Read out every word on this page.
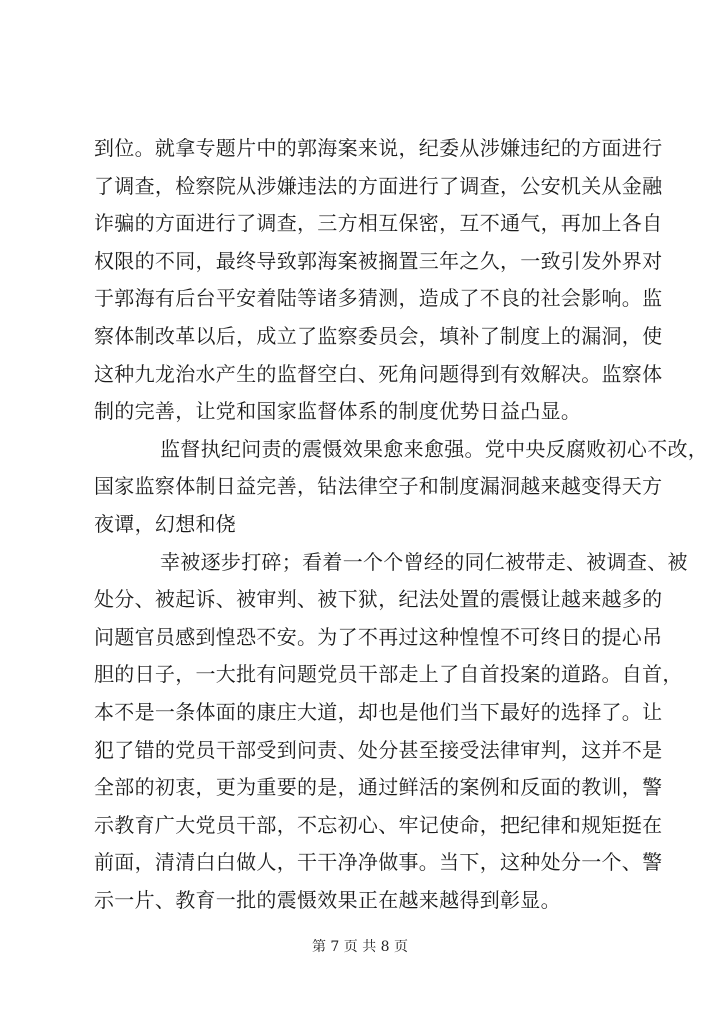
到位。就拿专题片中的郭海案来说，纪委从涉嫌违纪的方面进行
了调查，检察院从涉嫌违法的方面进行了调查，公安机关从金融
诈骗的方面进行了调查，三方相互保密，互不通气，再加上各自
权限的不同，最终导致郭海案被搁置三年之久，一致引发外界对
于郭海有后台平安着陆等诸多猜测，造成了不良的社会影响。监
察体制改革以后，成立了监察委员会，填补了制度上的漏洞，使
这种九龙治水产生的监督空白、死角问题得到有效解决。监察体
制的完善，让党和国家监督体系的制度优势日益凸显。
监督执纪问责的震慑效果愈来愈强。党中央反腐败初心不改，
国家监察体制日益完善，钻法律空子和制度漏洞越来越变得天方
夜谭，幻想和侥
幸被逐步打碎；看着一个个曾经的同仁被带走、被调查、被
处分、被起诉、被审判、被下狱，纪法处置的震慑让越来越多的
问题官员感到惶恐不安。为了不再过这种惶惶不可终日的提心吊
胆的日子，一大批有问题党员干部走上了自首投案的道路。自首，
本不是一条体面的康庄大道，却也是他们当下最好的选择了。让
犯了错的党员干部受到问责、处分甚至接受法律审判，这并不是
全部的初衷，更为重要的是，通过鲜活的案例和反面的教训，警
示教育广大党员干部，不忘初心、牢记使命，把纪律和规矩挺在
前面，清清白白做人，干干净净做事。当下，这种处分一个、警
示一片、教育一批的震慑效果正在越来越得到彰显。
第 7 页 共 8 页
